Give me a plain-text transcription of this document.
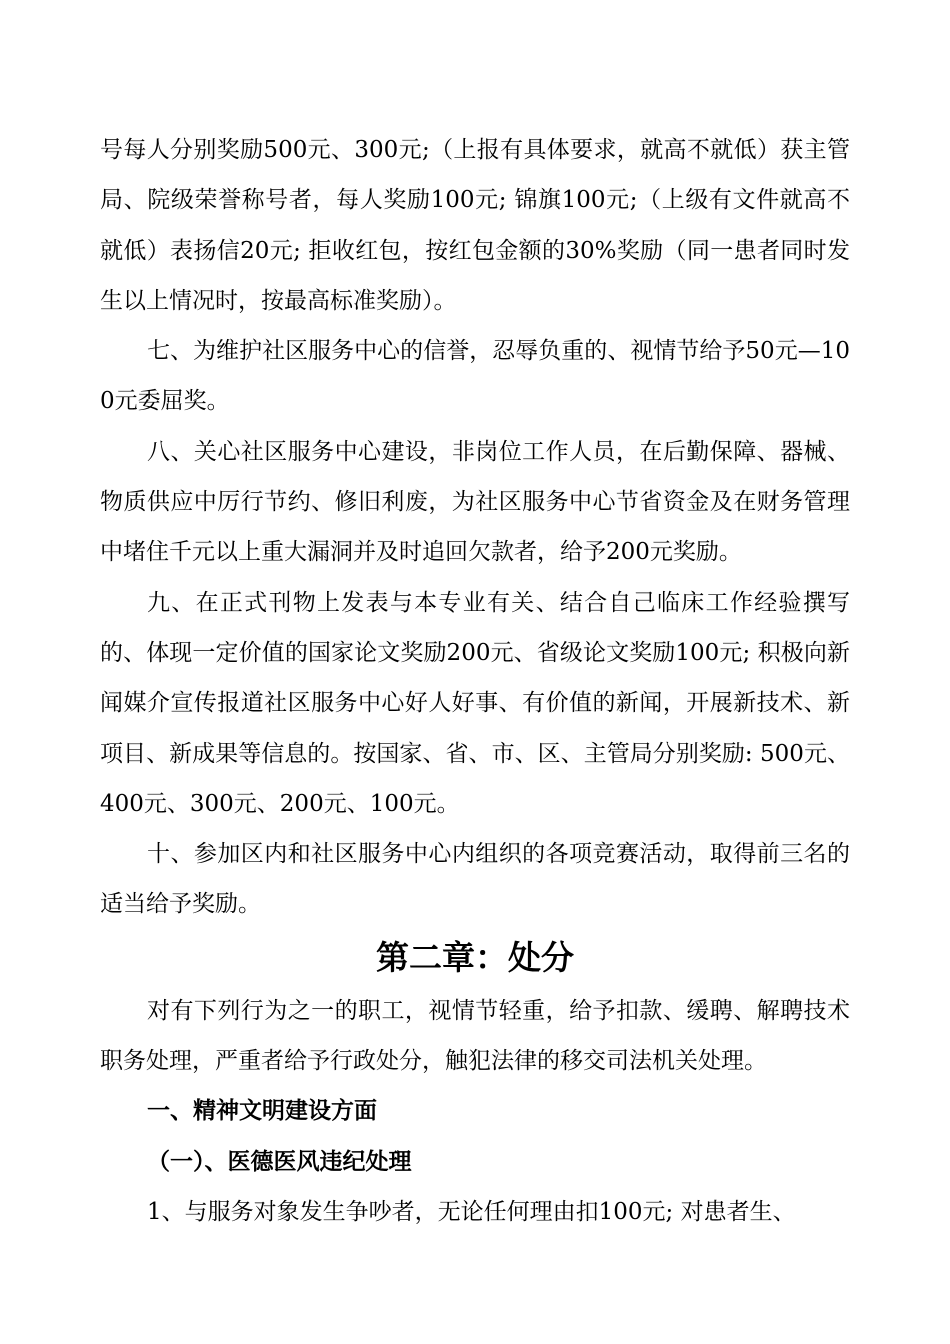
号每人分别奖励500元、300元;（上报有具体要求，就高不就低）获主管局、院级荣誉称号者，每人奖励100元; 锦旗100元;（上级有文件就高不就低）表扬信20元; 拒收红包，按红包金额的30%奖励（同一患者同时发生以上情况时，按最高标准奖励）。

七、为维护社区服务中心的信誉，忍辱负重的、视情节给予50元—100元委屈奖。

八、关心社区服务中心建设，非岗位工作人员，在后勤保障、器械、物质供应中厉行节约、修旧利废，为社区服务中心节省资金及在财务管理中堵住千元以上重大漏洞并及时追回欠款者，给予200元奖励。

九、在正式刊物上发表与本专业有关、结合自己临床工作经验撰写的、体现一定价值的国家论文奖励200元、省级论文奖励100元; 积极向新闻媒介宣传报道社区服务中心好人好事、有价值的新闻，开展新技术、新项目、新成果等信息的。按国家、省、市、区、主管局分别奖励: 500元、400元、300元、200元、100元。

十、参加区内和社区服务中心内组织的各项竞赛活动，取得前三名的适当给予奖励。

第二章：处分

对有下列行为之一的职工，视情节轻重，给予扣款、缓聘、解聘技术职务处理，严重者给予行政处分，触犯法律的移交司法机关处理。

一、精神文明建设方面
（一）、医德医风违纪处理

1、与服务对象发生争吵者，无论任何理由扣100元; 对患者生、
